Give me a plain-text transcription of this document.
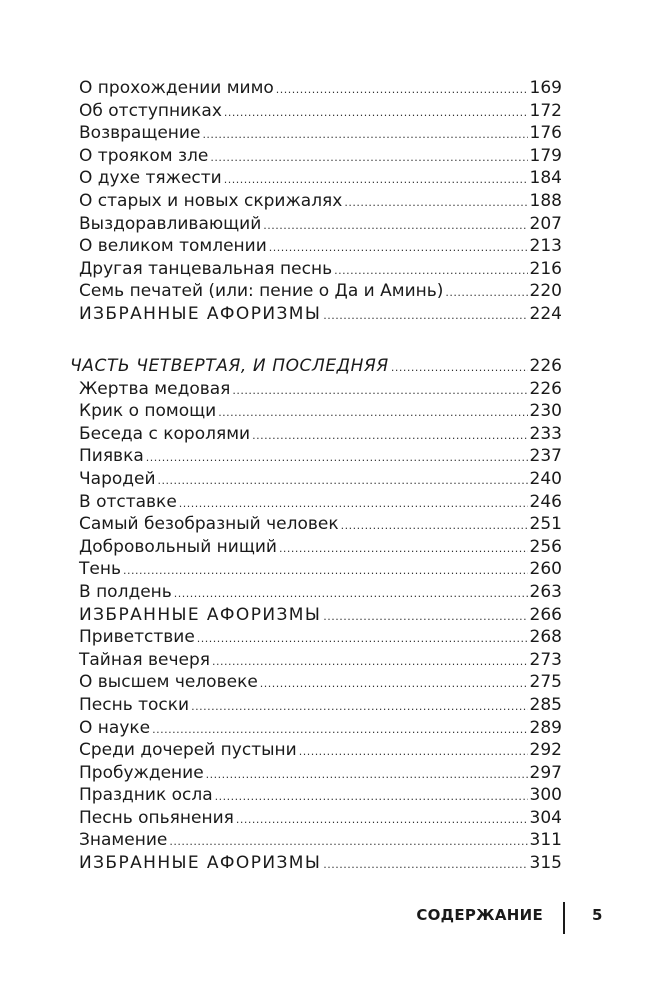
О прохождении мимо .....	169
Об отступниках .....	172
Возвращение .....	176
О трояком зле .....	179
О духе тяжести .....	184
О старых и новых скрижалях .....	188
Выздоравливающий .....	207
О великом томлении .....	213
Другая танцевальная песнь .....	216
Семь печатей (или: пение о Да и Аминь) .....	220
ИЗБРАННЫЕ АФОРИЗМЫ .....	224
ЧАСТЬ ЧЕТВЕРТАЯ, И ПОСЛЕДНЯЯ .....	226
Жертва медовая .....	226
Крик о помощи .....	230
Беседа с королями .....	233
Пиявка .....	237
Чародей .....	240
В отставке .....	246
Самый безобразный человек .....	251
Добровольный нищий .....	256
Тень .....	260
В полдень .....	263
ИЗБРАННЫЕ АФОРИЗМЫ .....	266
Приветствие .....	268
Тайная вечеря .....	273
О высшем человеке .....	275
Песнь тоски .....	285
О науке .....	289
Среди дочерей пустыни .....	292
Пробуждение .....	297
Праздник осла .....	300
Песнь опьянения .....	304
Знамение .....	311
ИЗБРАННЫЕ АФОРИЗМЫ .....	315
СОДЕРЖАНИЕ	5
